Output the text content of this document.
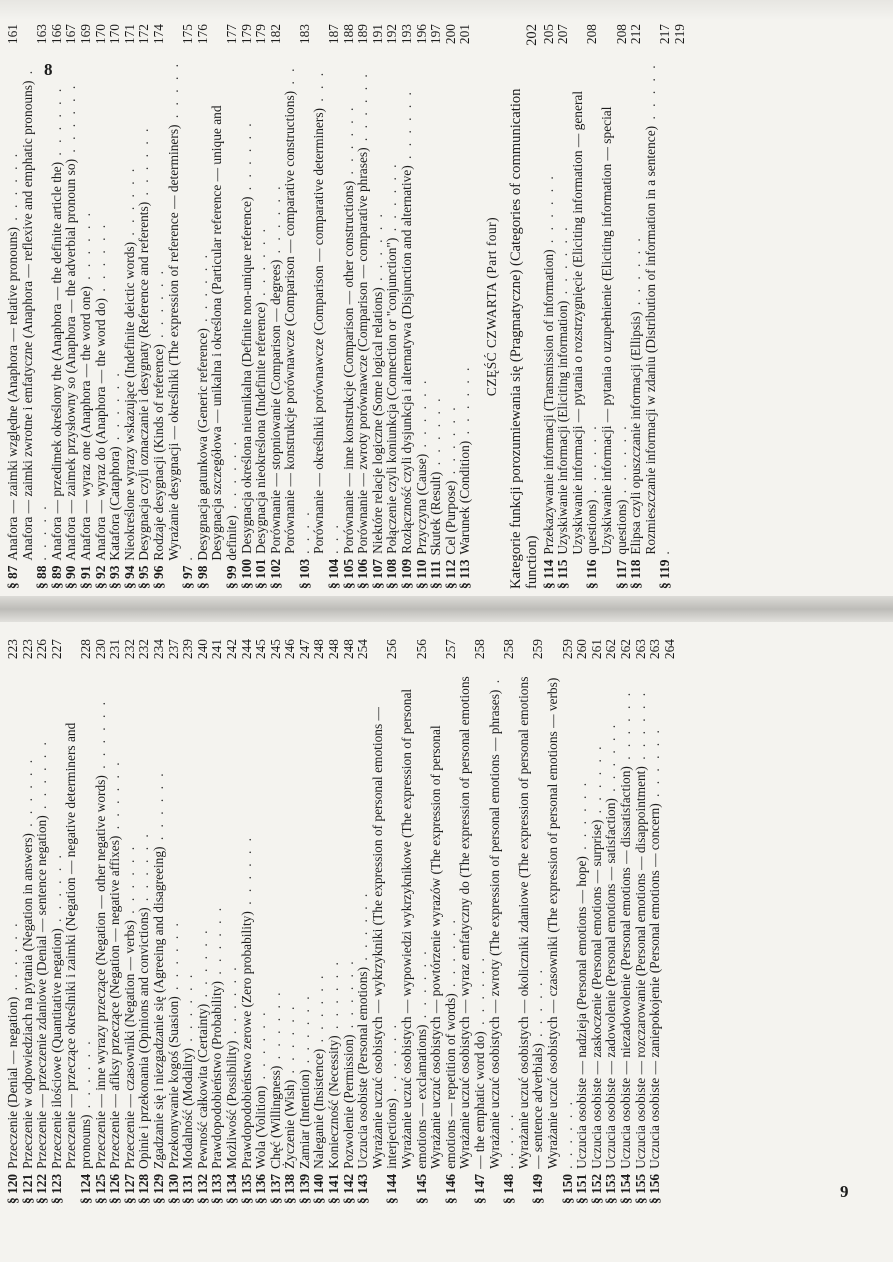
§ 87
Anafora — zaimki względne (Anaphora — relative pronouns) . . . . . .
161
§ 88
Anafora — zaimki zwrotne i emfatyczne (Anaphora — reflexive and emphatic pronouns) . . . . . .
163
§ 89
Anafora — przedimek określony the (Anaphora — the definite article the) . . . . . .
166
§ 90
Anafora — zaimek przysłowny so (Anaphora — the adverbial pronoun so) . . . . . .
167
§ 91
Anafora — wyraz one (Anaphora — the word one) . . . . . .
169
§ 92
Anafora — wyraz do (Anaphora — the word do) . . . . . .
170
§ 93
Katafora (Cataphora) . . . . . .
170
§ 94
Nieokreślone wyrazy wskazujące (Indefinite deictic words) . . . . . .
171
§ 95
Desygnacja czyli oznaczanie i desygnaty (Reference and referents) . . . . . .
172
§ 96
Rodzaje desygnacji (Kinds of reference) . . . . . .
174
§ 97
Wyrażanie desygnacji — określniki (The expression of reference — determiners) . . . . . .
175
§ 98
Desygnacja gatunkowa (Generic reference) . . . . . .
176
§ 99
Desygnacja szczegółowa — unikalna i określona (Particular reference — unique and definite) . . . . . .
177
§ 100
Desygnacja określona nieunikalna (Definite non-unique reference) . . . . . .
179
§ 101
Desygnacja nieokreślona (Indefinite reference) . . . . . .
179
§ 102
Porównanie — stopniowanie (Comparison — degrees) . . . . . .
182
§ 103
Porównanie — konstrukcje porównawcze (Comparison — comparative constructions) . . . . . .
183
§ 104
Porównanie — określniki porównawcze (Comparison — comparative determiners) . . . . . .
187
§ 105
Porównanie — inne konstrukcje (Comparison — other constructions) . . . . . .
188
§ 106
Porównanie — zwroty porównawcze (Comparison — comparative phrases) . . . . . .
189
§ 107
Niektóre relacje logiczne (Some logical relations) . . . . . .
191
§ 108
Połączenie czyli koniunkcja (Connection or "conjunction") . . . . . .
192
§ 109
Rozłączność czyli dysjunkcja i alternatywa (Disjunction and alternative) . . . . . .
193
§ 110
Przyczyna (Cause) . . . . . .
196
§ 111
Skutek (Result) . . . . . .
197
§ 112
Cel (Purpose) . . . . . .
200
§ 113
Warunek (Condition) . . . . . .
201
CZĘŚĆ CZWARTA (Part four) Kategorie funkcji porozumiewania się (Pragmatyczne) (Categories of communication function)
202
§ 114
Przekazywanie informacji (Transmission of information) . . . . . .
205
§ 115
Uzyskiwanie informacji (Eliciting information) . . . . . .
207
§ 116
Uzyskiwanie informacji — pytania o rozstrzygnięcie (Eliciting information — general questions) . . . . . .
208
§ 117
Uzyskiwanie informacji — pytania o uzupełnienie (Eliciting information — special questions) . . . . . .
208
§ 118
Elipsa czyli opuszczanie informacji (Ellipsis) . . . . . .
212
§ 119
Rozmieszczanie informacji w zdaniu (Distribution of information in a sentence) . . . . . .
217 219
8
§ 120
Przeczenie (Denial — negation) . . . . . .
223
§ 121
Przeczenie w odpowiedziach na pytania (Negation in answers) . . . . . .
223
§ 122
Przeczenie — przeczenie zdaniowe (Denial — sentence negation) . . . . . .
226
§ 123
Przeczenie ilościowe (Quantitative negation) . . . . . .
227
§ 124
Przeczenie — przeczące określniki i zaimki (Negation — negative determiners and pronouns) . . . . . .
228
§ 125
Przeczenie — inne wyrazy przeczące (Negation — other negative words) . . . . . .
230
§ 126
Przeczenie — afiksy przeczące (Negation — negative affixes) . . . . . .
231
§ 127
Przeczenie — czasowniki (Negation — verbs) . . . . . .
232
§ 128
Opinie i przekonania (Opinions and convictions) . . . . . .
232
§ 129
Zgadzanie się i niezgadzanie się (Agreeing and disagreeing) . . . . . .
234
§ 130
Przekonywanie kogoś (Suasion) . . . . . .
237
§ 131
Modalność (Modality) . . . . . .
239
§ 132
Pewność całkowita (Certainty) . . . . . .
240
§ 133
Prawdopodobieństwo (Probability) . . . . . .
241
§ 134
Możliwość (Possibility) . . . . . .
242
§ 135
Prawdopodobieństwo zerowe (Zero probability) . . . . . .
244
§ 136
Wola (Volition) . . . . . .
245
§ 137
Chęć (Willingness) . . . . . .
245
§ 138
Życzenie (Wish) . . . . . .
246
§ 139
Zamiar (Intention) . . . . . .
247
§ 140
Naleganie (Insistence) . . . . . .
248
§ 141
Konieczność (Necessity) . . . . . .
248
§ 142
Pozwolenie (Permission) . . . . . .
248
§ 143
Uczucia osobiste (Personal emotions) . . . . . .
254
§ 144
Wyrażanie uczuć osobistych — wykrzykniki (The expression of personal emotions — interjections) . . . . . .
256
§ 145
Wyrażanie uczuć osobistych — wypowiedzi wykrzyknikowe (The expression of personal emotions — exclamations) . . . . . .
256
§ 146
Wyrażanie uczuć osobistych — powtórzenie wyrazów (The expression of personal emotions — repetition of words) . . . . . .
257
§ 147
Wyrażanie uczuć osobistych — wyraz emfatyczny do (The expression of personal emotions — the emphatic word do) . . . . . .
258
§ 148
Wyrażanie uczuć osobistych — zwroty (The expression of personal emotions — phrases) . . . . . .
258
§ 149
Wyrażanie uczuć osobistych — okoliczniki zdaniowe (The expression of personal emotions — sentence adverbials) . . . . . .
259
§ 150
Wyrażanie uczuć osobistych — czasowniki (The expression of personal emotions — verbs) . . . . . .
259
§ 151
Uczucia osobiste — nadzieja (Personal emotions — hope) . . . . . .
260
§ 152
Uczucia osobiste — zaskoczenie (Personal emotions — surprise) . . . . . .
261
§ 153
Uczucia osobiste — zadowolenie (Personal emotions — satisfaction) . . . . . .
262
§ 154
Uczucia osobiste — niezadowolenie (Personal emotions — dissatisfaction) . . . . . .
262
§ 155
Uczucia osobiste — rozczarowanie (Personal emotions — disappointment) . . . . . .
263
§ 156
Uczucia osobiste — zaniepokojenie (Personal emotions — concern) . . . . . .
263 264
9
